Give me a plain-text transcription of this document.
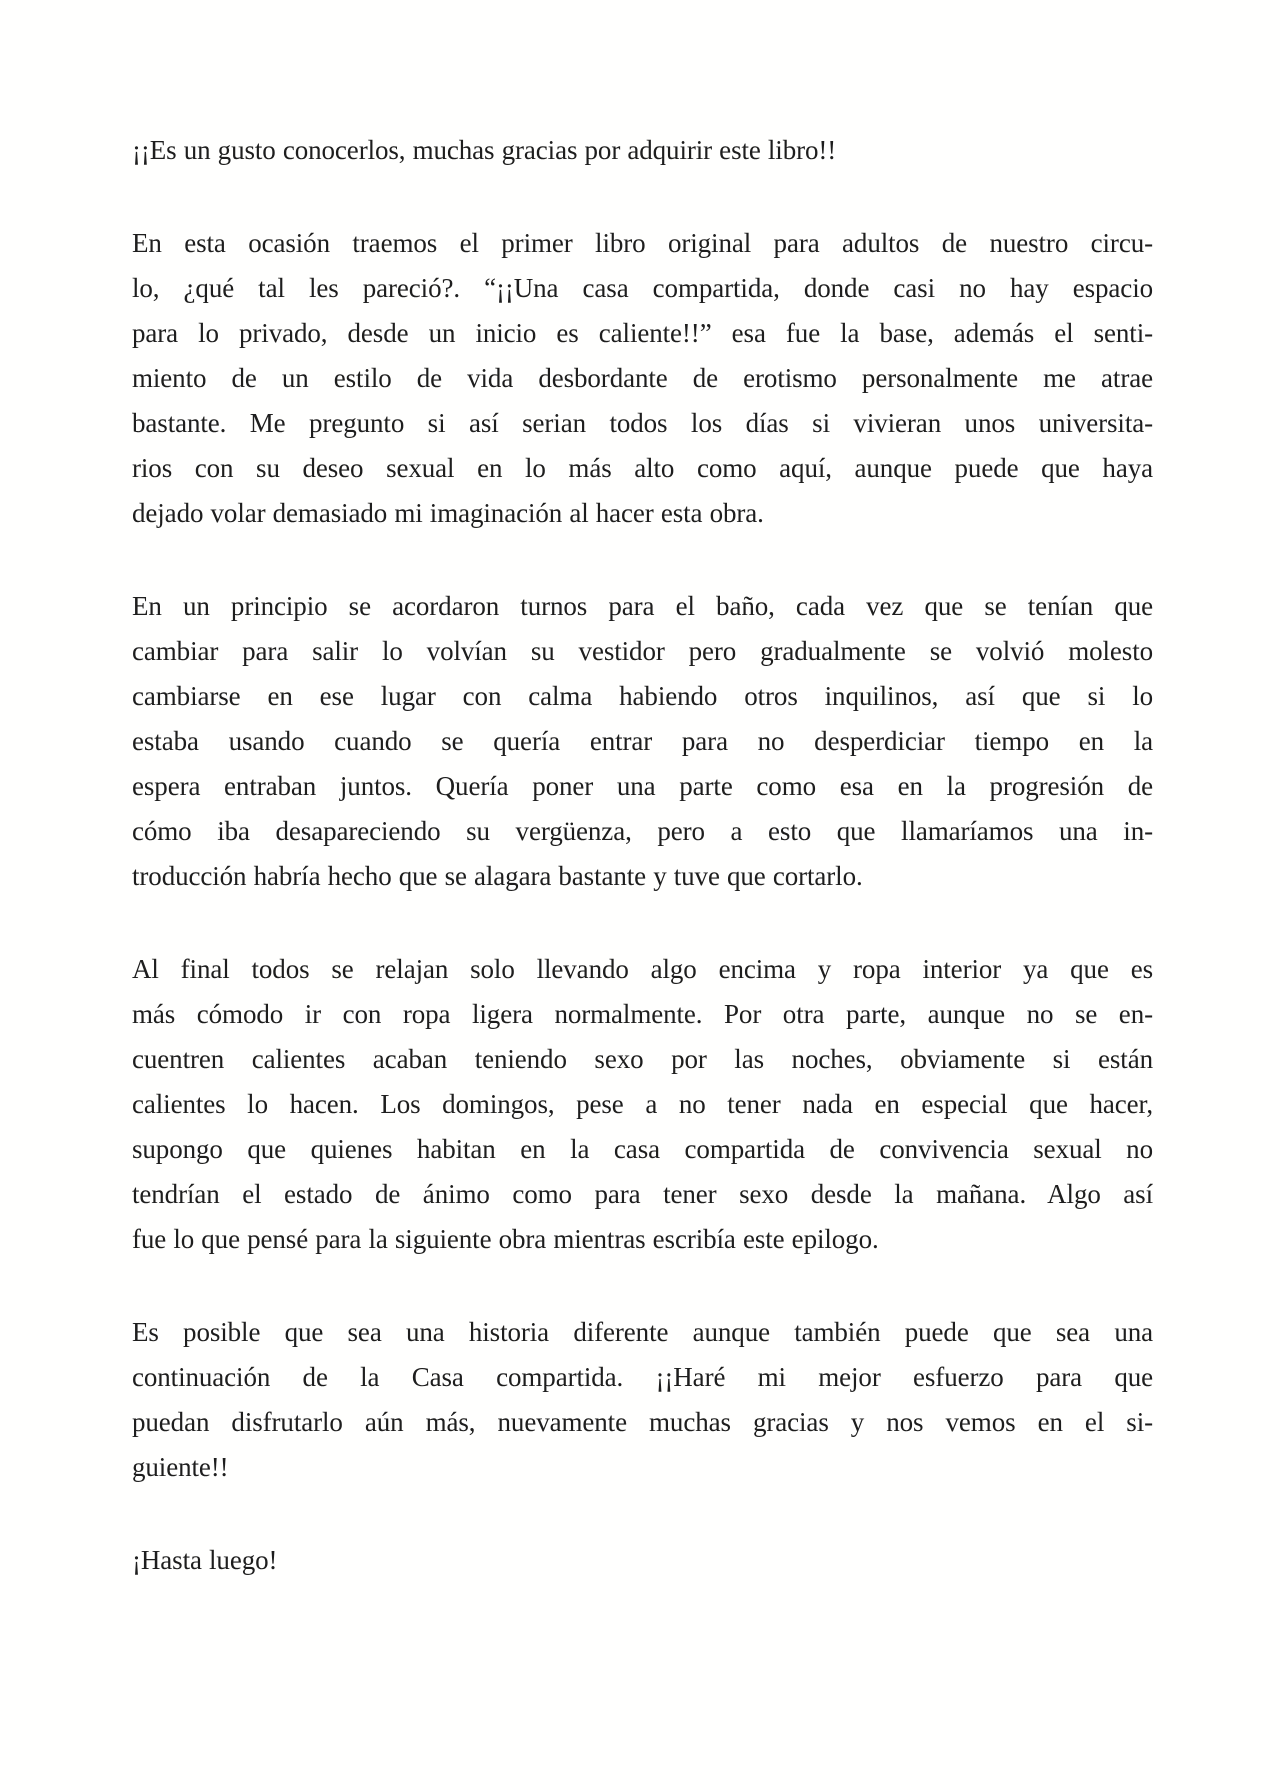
¡¡Es un gusto conocerlos, muchas gracias por adquirir este libro!!
En esta ocasión traemos el primer libro original para adultos de nuestro circu-
lo, ¿qué tal les pareció?. “¡¡Una casa compartida, donde casi no hay espacio
para lo privado, desde un inicio es caliente!!” esa fue la base, además el senti-
miento de un estilo de vida desbordante de erotismo personalmente me atrae
bastante. Me pregunto si así serian todos los días si vivieran unos universita-
rios con su deseo sexual en lo más alto como aquí, aunque puede que haya
dejado volar demasiado mi imaginación al hacer esta obra.
En un principio se acordaron turnos para el baño, cada vez que se tenían que
cambiar para salir lo volvían su vestidor pero gradualmente se volvió molesto
cambiarse en ese lugar con calma habiendo otros inquilinos, así que si lo
estaba usando cuando se quería entrar para no desperdiciar tiempo en la
espera entraban juntos. Quería poner una parte como esa en la progresión de
cómo iba desapareciendo su vergüenza, pero a esto que llamaríamos una in-
troducción habría hecho que se alagara bastante y tuve que cortarlo.
Al final todos se relajan solo llevando algo encima y ropa interior ya que es
más cómodo ir con ropa ligera normalmente. Por otra parte, aunque no se en-
cuentren calientes acaban teniendo sexo por las noches, obviamente si están
calientes lo hacen. Los domingos, pese a no tener nada en especial que hacer,
supongo que quienes habitan en la casa compartida de convivencia sexual no
tendrían el estado de ánimo como para tener sexo desde la mañana. Algo así
fue lo que pensé para la siguiente obra mientras escribía este epilogo.
Es posible que sea una historia diferente aunque también puede que sea una
continuación de la Casa compartida. ¡¡Haré mi mejor esfuerzo para que
puedan disfrutarlo aún más, nuevamente muchas gracias y nos vemos en el si-
guiente!!
¡Hasta luego!
